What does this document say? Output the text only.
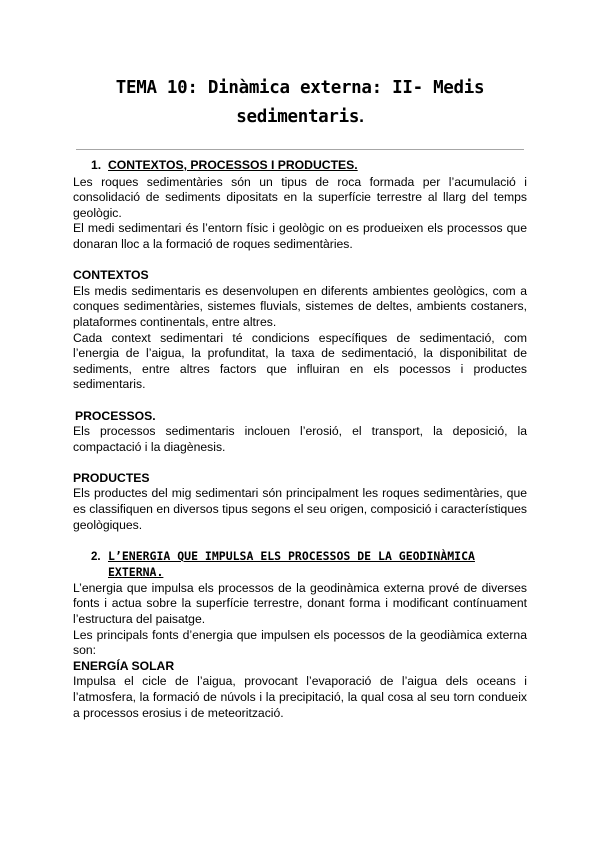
TEMA 10: Dinàmica externa: II- Medis
sedimentaris.
1. CONTEXTOS, PROCESSOS I PRODUCTES.

Les roques sedimentàries són un tipus de roca formada per l’acumulació i consolidació de sediments dipositats en la superfície terrestre al llarg del temps geològic.

El medi sedimentari és l’entorn físic i geològic on es produeixen els processos que donaran lloc a la formació de roques sedimentàries.

CONTEXTOS

Els medis sedimentaris es desenvolupen en diferents ambientes geològics, com a conques sedimentàries, sistemes fluvials, sistemes de deltes, ambients costaners, plataformes continentals, entre altres.

Cada context sedimentari té condicions específiques de sedimentació, com l’energia de l’aigua, la profunditat, la taxa de sedimentació, la disponibilitat de sediments, entre altres factors que influiran en els pocessos i productes sedimentaris.

PROCESSOS.

Els processos sedimentaris inclouen l’erosió, el transport, la deposició, la compactació i la diagènesis.

PRODUCTES

Els productes del mig sedimentari són principalment les roques sedimentàries, que es classifiquen en diversos tipus segons el seu origen, composició i característiques geològiques.

2. L’ENERGIA QUE IMPULSA ELS PROCESSOS DE LA GEODINÀMICA
EXTERNA.

L’energia que impulsa els processos de la geodinàmica externa prové de diverses fonts i actua sobre la superfície terrestre, donant forma i modificant contínuament l’estructura del paisatge.

Les principals fonts d’energia que impulsen els pocessos de la geodiàmica externa son:

ENERGÍA SOLAR

Impulsa el cicle de l’aigua, provocant l’evaporació de l’aigua dels oceans i l’atmosfera, la formació de núvols i la precipitació, la qual cosa al seu torn condueix a processos erosius i de meteorització.
